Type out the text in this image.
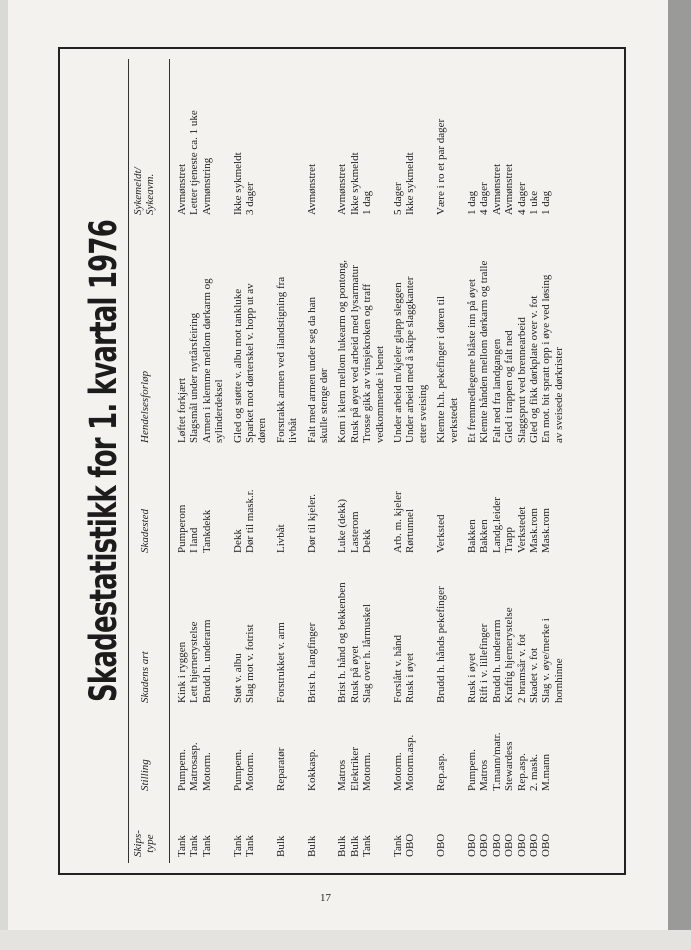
Skadestatistikk for 1. kvartal 1976
Skips-
type
Stilling
Skadens art
Skadested
Hendelsesforløp
Sykemeldt/
Sykeavm.
Tank
Pumpem.
Kink i ryggen
Pumperom
Løftet forkjært
Avmønstret
Tank
Matrosasp.
Lett hjernerystelse
I land
Slagsmål under nyttårsfeiring
Letter tjeneste ca. 1 uke
Tank
Motorm.
Brudd h. underarm
Tankdekk
Armen i klemme mellom dørkarm og
sylinderdeksel
Avmønstring
Tank
Pumpem.
Støt v. albu
Dekk
Gled og støtte v. albu mot tankluke
Ikke sykmeldt
Tank
Motorm.
Slag mot v. fotrist
Dør til mask.r.
Sparket mot dørterskel v. hopp ut av
døren
3 dager
Bulk
Reparatør
Forstrukket v. arm
Livbåt
Forstrakk armen ved ilandstigning fra
livbåt
Bulk
Kokkasp.
Brist h. langfinger
Dør til kjeler.
Falt med armen under seg da han
skulle stenge dør
Avmønstret
Bulk
Matros
Brist h. hånd og bekkenben
Luke (dekk)
Kom i klem mellom lukearm og pontong,
Avmønstret
Bulk
Elektriker
Rusk på øyet
Lasterom
Rusk på øyet ved arbeid med lysarmatur
Ikke sykmeldt
Tank
Motorm.
Slag over h. lårmuskel
Dekk
Trosse gikk av vinsjekroken og traff
vedkommende i benet
1 dag
Tank
Motorm.
Forslått v. hånd
Arb. m. kjeler
Under arbeid m/kjeler glapp sleggen
5 dager
OBO
Motorm.asp.
Rusk i øyet
Rørtunnel
Under arbeid med å skipe slaggkanter
etter sveising
Ikke sykmeldt
OBO
Rep.asp.
Brudd h. hånds pekefinger
Verksted
Klemte h.h. pekefinger i døren til
verkstedet
Være i ro et par dager
OBO
Pumpem.
Rusk i øyet
Bakken
Et fremmedlegeme blåste inn på øyet
1 dag
OBO
Matros
Rift i v. lillefinger
Bakken
Klemte hånden mellom dørkarm og tralle
4 dager
OBO
T.mann/matr.
Brudd h. underarm
Landg.leider
Falt ned fra landgangen
Avmønstret
OBO
Stewardess
Kraftig hjernerystelse
Trapp
Gled i trappen og falt ned
Avmønstret
OBO
Rep.asp.
2 bramsår v. fot
Verkstedet
Slaggsprut ved brennearbeid
4 dager
OBO
2. mask.
Skadet v. fot
Mask.rom
Gled og fikk dørkplate over v. fot
1 uke
OBO
M.mann
Slag v. øye/merke i
hornhinne
Mask.rom
En mot. bit spratt opp i øye ved løsing
av sveisede dørkrister
1 dag
17
